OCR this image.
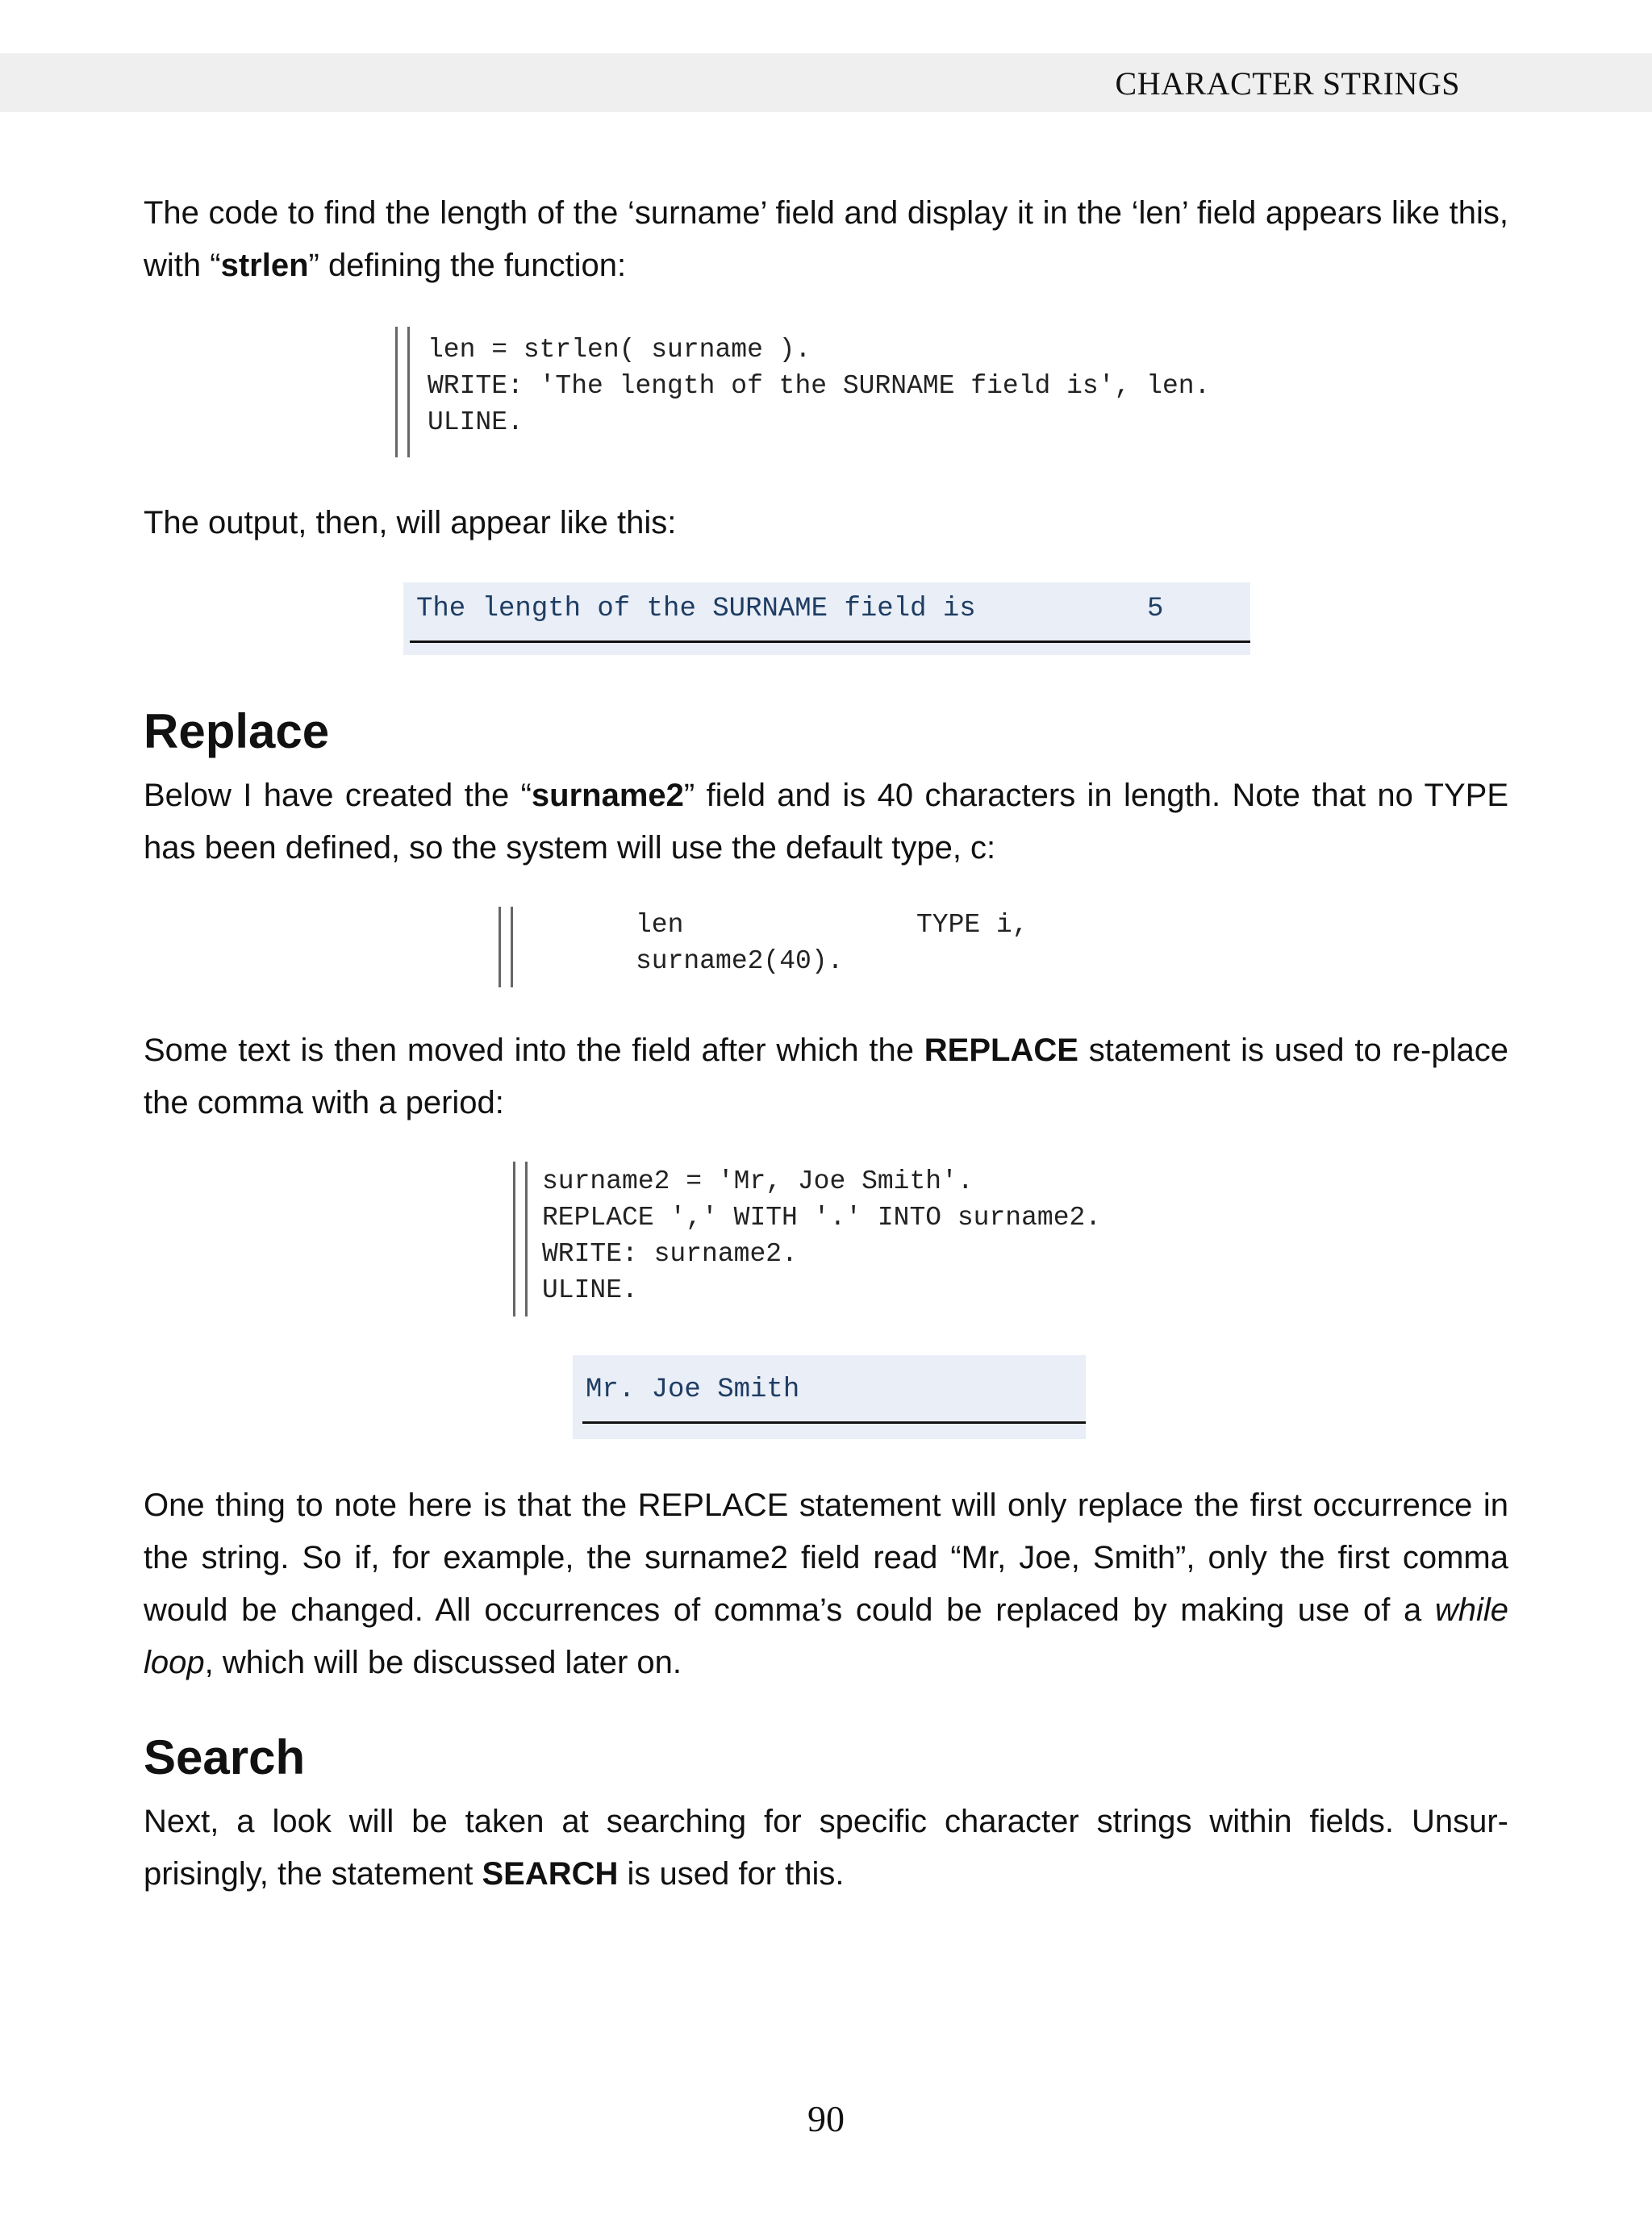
CHARACTER STRINGS

The code to find the length of the ‘surname’ field and display it in the ‘len’ field appears like this, with “strlen” defining the function:

len = strlen( surname ).
WRITE: 'The length of the SURNAME field is', len.
ULINE.

The output, then, will appear like this:

The length of the SURNAME field is	5
Replace

Below I have created the “surname2” field and is 40 characters in length. Note that no TYPE has been defined, so the system will use the default type, c:

len	TYPE i,
surname2(40).

Some text is then moved into the field after which the REPLACE statement is used to re-place the comma with a period:

surname2 = 'Mr, Joe Smith'.
REPLACE ',' WITH '.' INTO surname2.
WRITE: surname2.
ULINE.
Mr. Joe Smith

One thing to note here is that the REPLACE statement will only replace the first occurrence in the string. So if, for example, the surname2 field read “Mr, Joe, Smith”, only the first comma would be changed. All occurrences of comma’s could be replaced by making use of a while loop, which will be discussed later on.

Search

Next, a look will be taken at searching for specific character strings within fields. Unsur-prisingly, the statement SEARCH is used for this.

90
